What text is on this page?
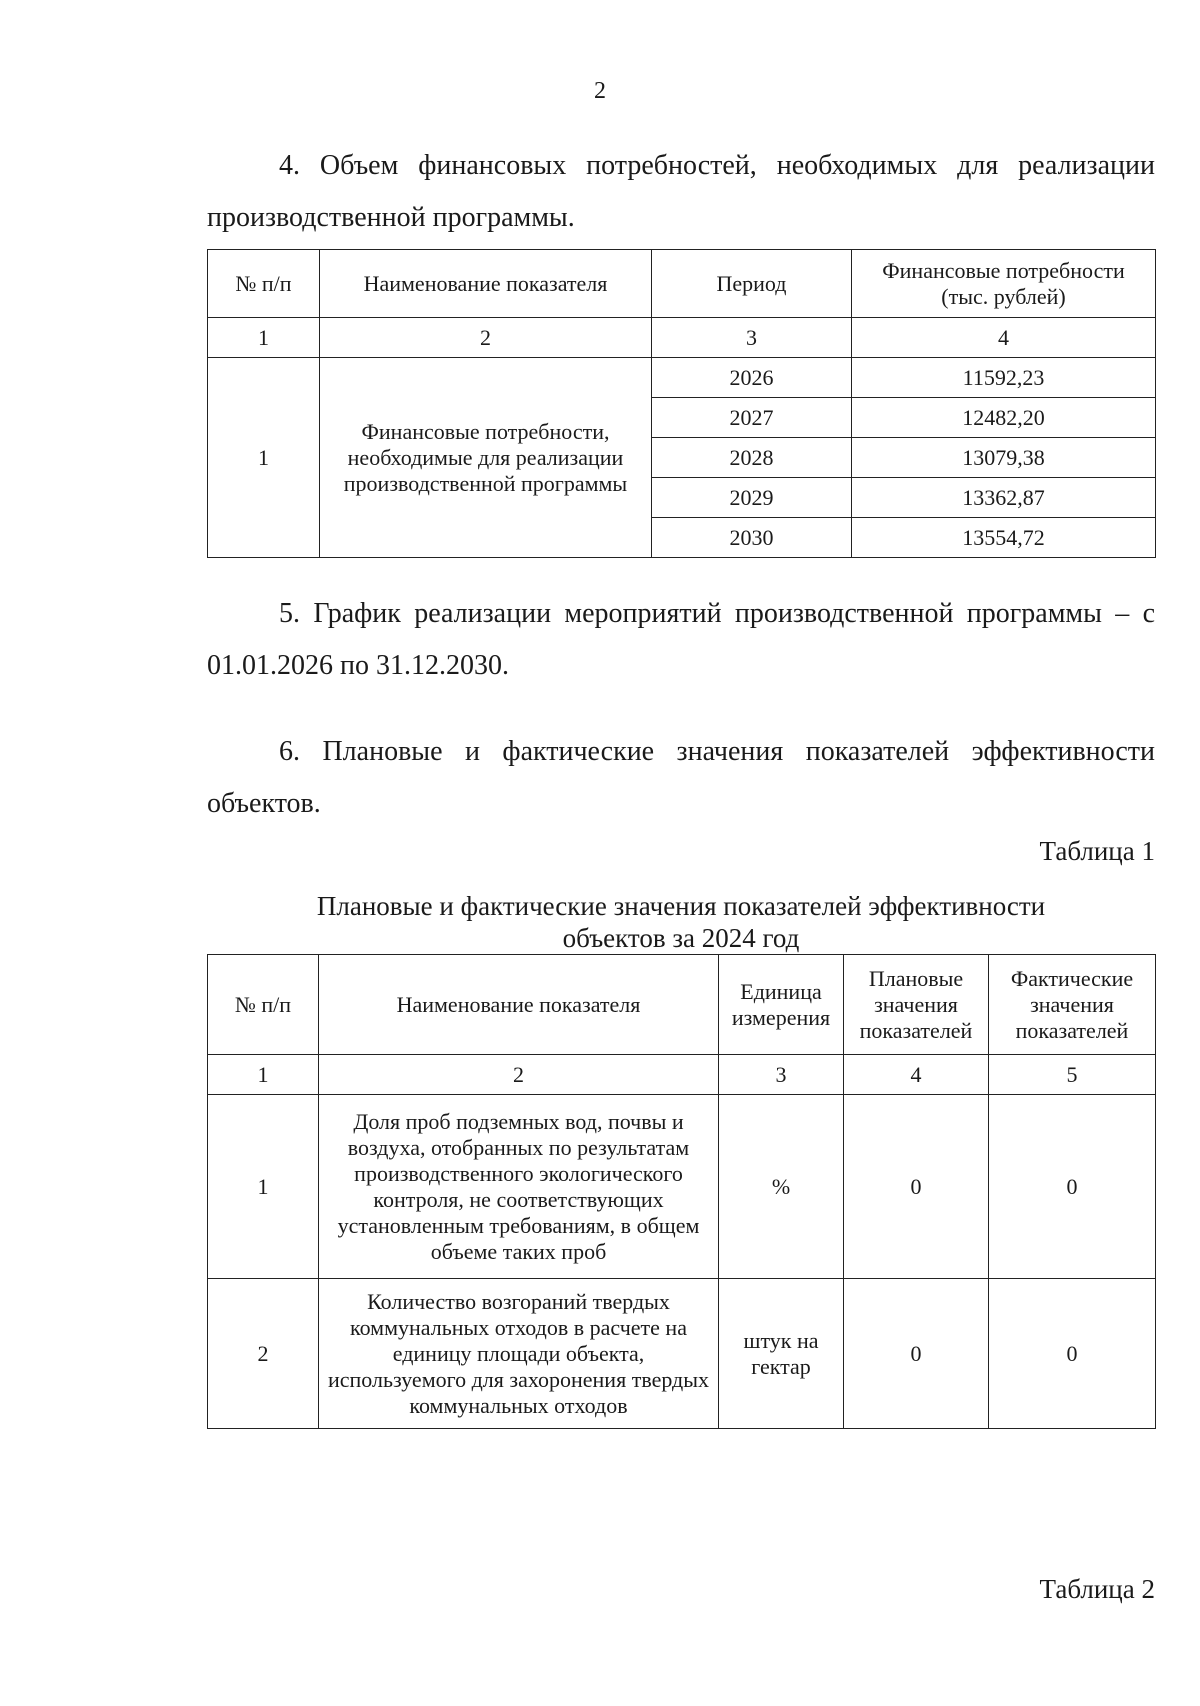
2
4. Объем финансовых потребностей, необходимых для реализации
производственной программы.
№ п/п	Наименование показателя	Период	Финансовые потребности (тыс. рублей)
1	2	3	4
1	Финансовые потребности, необходимые для реализации производственной программы	2026	11592,23
		2027	12482,20
		2028	13079,38
		2029	13362,87
		2030	13554,72
5. График реализации мероприятий производственной программы – с
01.01.2026 по 31.12.2030.
6. Плановые и фактические значения показателей эффективности
объектов.
Таблица 1
Плановые и фактические значения показателей эффективности
объектов за 2024 год
№ п/п	Наименование показателя	Единица измерения	Плановые значения показателей	Фактические значения показателей
1	2	3	4	5
1	Доля проб подземных вод, почвы и воздуха, отобранных по результатам производственного экологического контроля, не соответствующих установленным требованиям, в общем объеме таких проб	%	0	0
2	Количество возгораний твердых коммунальных отходов в расчете на единицу площади объекта, используемого для захоронения твердых коммунальных отходов	штук на гектар	0	0
Таблица 2
